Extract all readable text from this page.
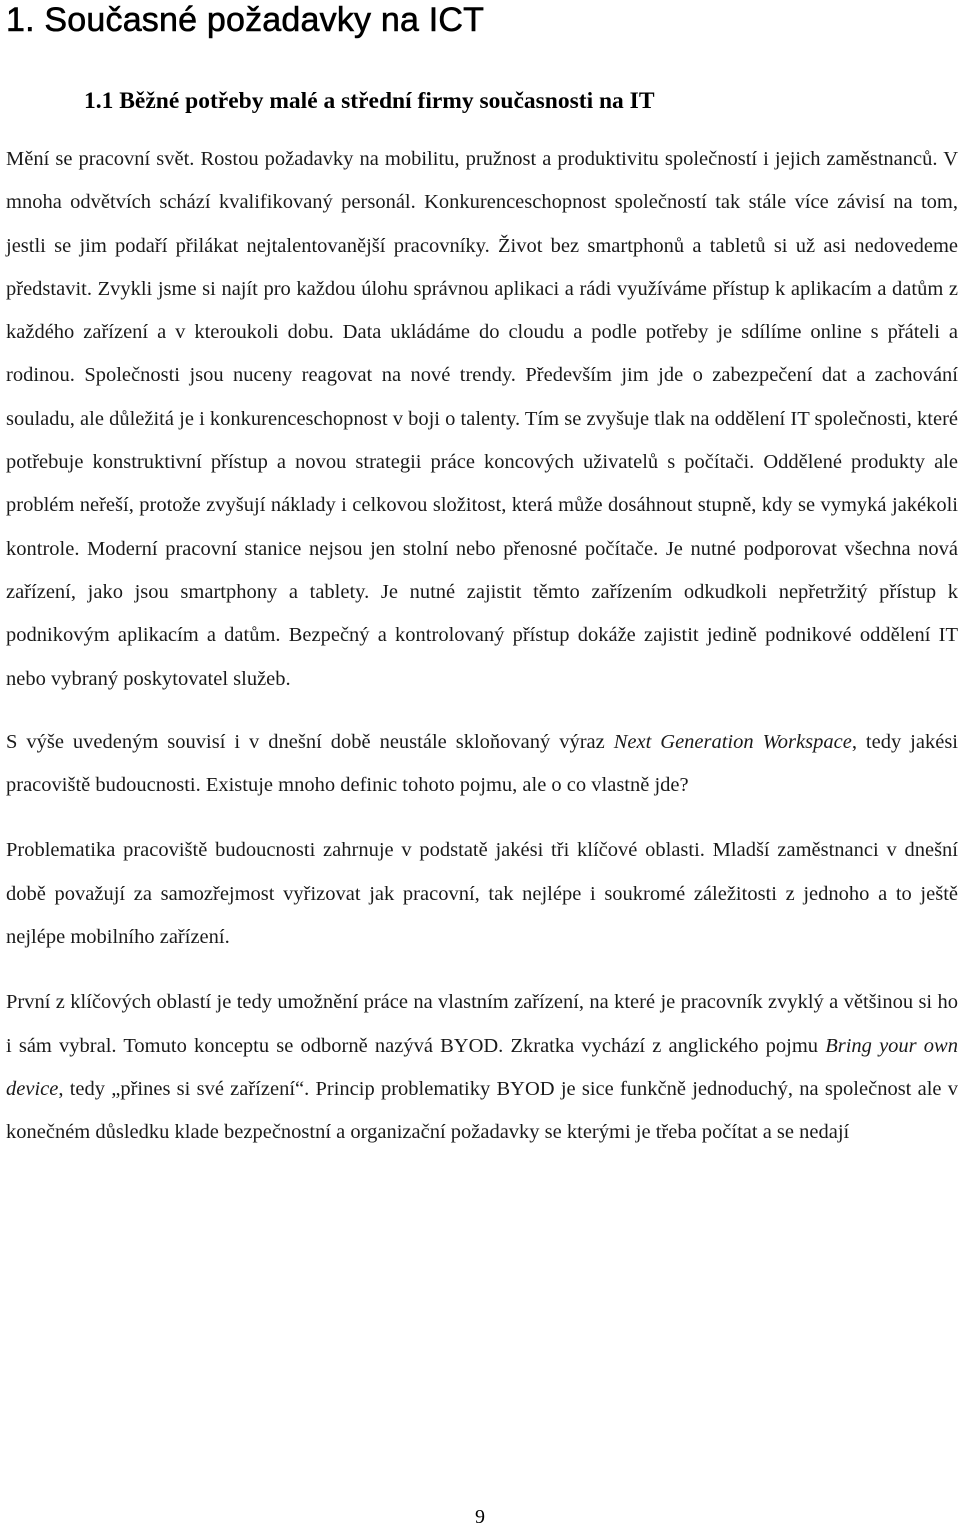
1. Současné požadavky na ICT
1.1 Běžné potřeby malé a střední firmy současnosti na IT

Mění se pracovní svět. Rostou požadavky na mobilitu, pružnost a produktivitu společností i jejich zaměstnanců. V mnoha odvětvích schází kvalifikovaný personál. Konkurenceschopnost společností tak stále více závisí na tom, jestli se jim podaří přilákat nejtalentovanější pracovníky. Život bez smartphonů a tabletů si už asi nedovedeme představit. Zvykli jsme si najít pro každou úlohu správnou aplikaci a rádi využíváme přístup k aplikacím a datům z každého zařízení a v kteroukoli dobu. Data ukládáme do cloudu a podle potřeby je sdílíme online s přáteli a rodinou. Společnosti jsou nuceny reagovat na nové trendy. Především jim jde o zabezpečení dat a zachování souladu, ale důležitá je i konkurenceschopnost v boji o talenty. Tím se zvyšuje tlak na oddělení IT společnosti, které potřebuje konstruktivní přístup a novou strategii práce koncových uživatelů s počítači. Oddělené produkty ale problém neřeší, protože zvyšují náklady i celkovou složitost, která může dosáhnout stupně, kdy se vymyká jakékoli kontrole. Moderní pracovní stanice nejsou jen stolní nebo přenosné počítače. Je nutné podporovat všechna nová zařízení, jako jsou smartphony a tablety. Je nutné zajistit těmto zařízením odkudkoli nepřetržitý přístup k podnikovým aplikacím a datům. Bezpečný a kontrolovaný přístup dokáže zajistit jedině podnikové oddělení IT nebo vybraný poskytovatel služeb.

S výše uvedeným souvisí i v dnešní době neustále skloňovaný výraz Next Generation Workspace, tedy jakési pracoviště budoucnosti. Existuje mnoho definic tohoto pojmu, ale o co vlastně jde?

Problematika pracoviště budoucnosti zahrnuje v podstatě jakési tři klíčové oblasti. Mladší zaměstnanci v dnešní době považují za samozřejmost vyřizovat jak pracovní, tak nejlépe i soukromé záležitosti z jednoho a to ještě nejlépe mobilního zařízení.

První z klíčových oblastí je tedy umožnění práce na vlastním zařízení, na které je pracovník zvyklý a většinou si ho i sám vybral. Tomuto konceptu se odborně nazývá BYOD. Zkratka vychází z anglického pojmu Bring your own device, tedy „přines si své zařízení“. Princip problematiky BYOD je sice funkčně jednoduchý, na společnost ale v konečném důsledku klade bezpečnostní a organizační požadavky se kterými je třeba počítat a se nedají

9
